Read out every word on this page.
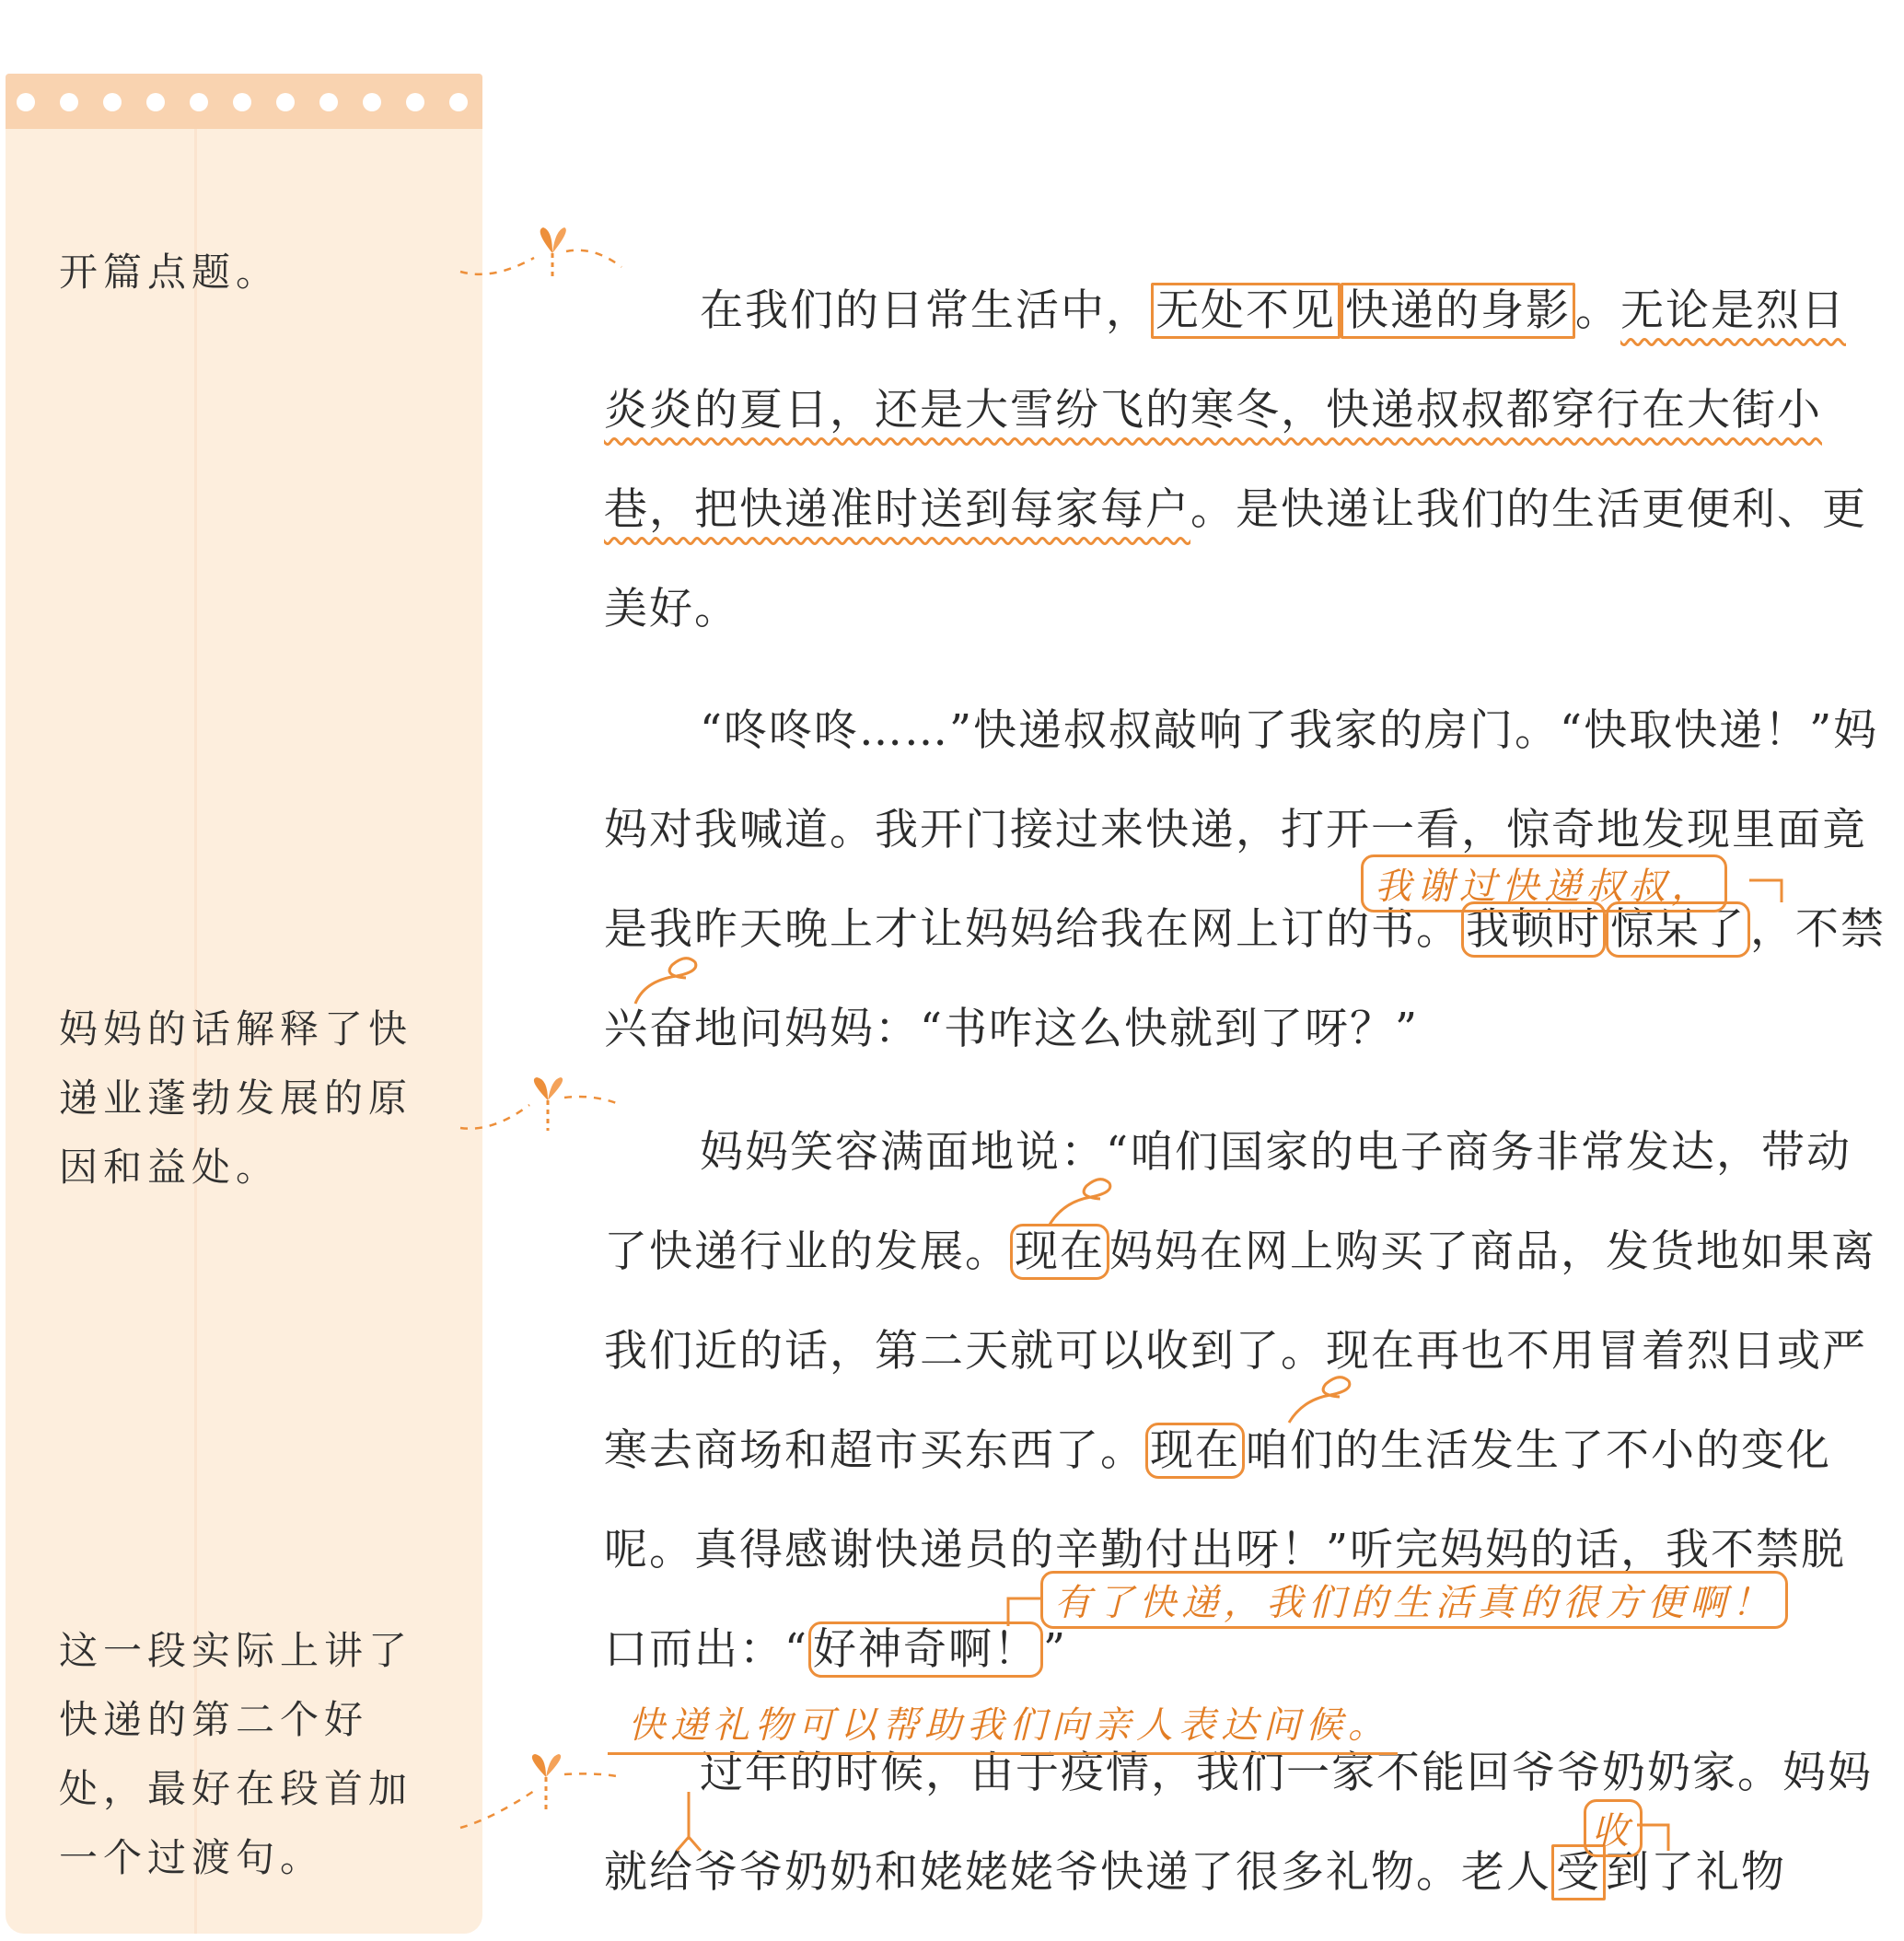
开篇点题。
妈妈的话解释了快递业蓬勃发展的原因和益处。
这一段实际上讲了快递的第二个好处，最好在段首加一个过渡句。
在我们的日常生活中， 无处不见 快递的身影 。无论是烈日炎炎的夏日，还是大雪纷飞的寒冬，快递叔叔都穿行在大街小巷，把快递准时送到每家每户。是快递让我们的生活更便利、更美好。
“咚咚咚……”快递叔叔敲响了我家的房门。“快取快递！”妈妈对我喊道。我开门接过来快递，打开一看，惊奇地发现里面竟是我昨天晚上才让妈妈给我在网上订的书。 我顿时 惊呆了 ，不禁兴奋地问妈妈：“书咋这么快就到了呀？”
妈妈笑容满面地说：“咱们国家的电子商务非常发达，带动了快递行业的发展。 现在 妈妈在网上购买了商品，发货地如果离我们近的话，第二天就可以收到了。现在再也不用冒着烈日或严寒去商场和超市买东西了。 现在 咱们的生活发生了不小的变化呢。真得感谢快递员的辛勤付出呀！”听完妈妈的话，我不禁脱口而出：“ 好神奇啊！ ”
过年的时候，由于疫情，我们一家不能回爷爷奶奶家。妈妈就给爷爷奶奶和姥姥姥爷快递了很多礼物。老人 受 到了礼物
我谢过快递叔叔，
有了快递，我们的生活真的很方便啊！
快递礼物可以帮助我们向亲人表达问候。
收
